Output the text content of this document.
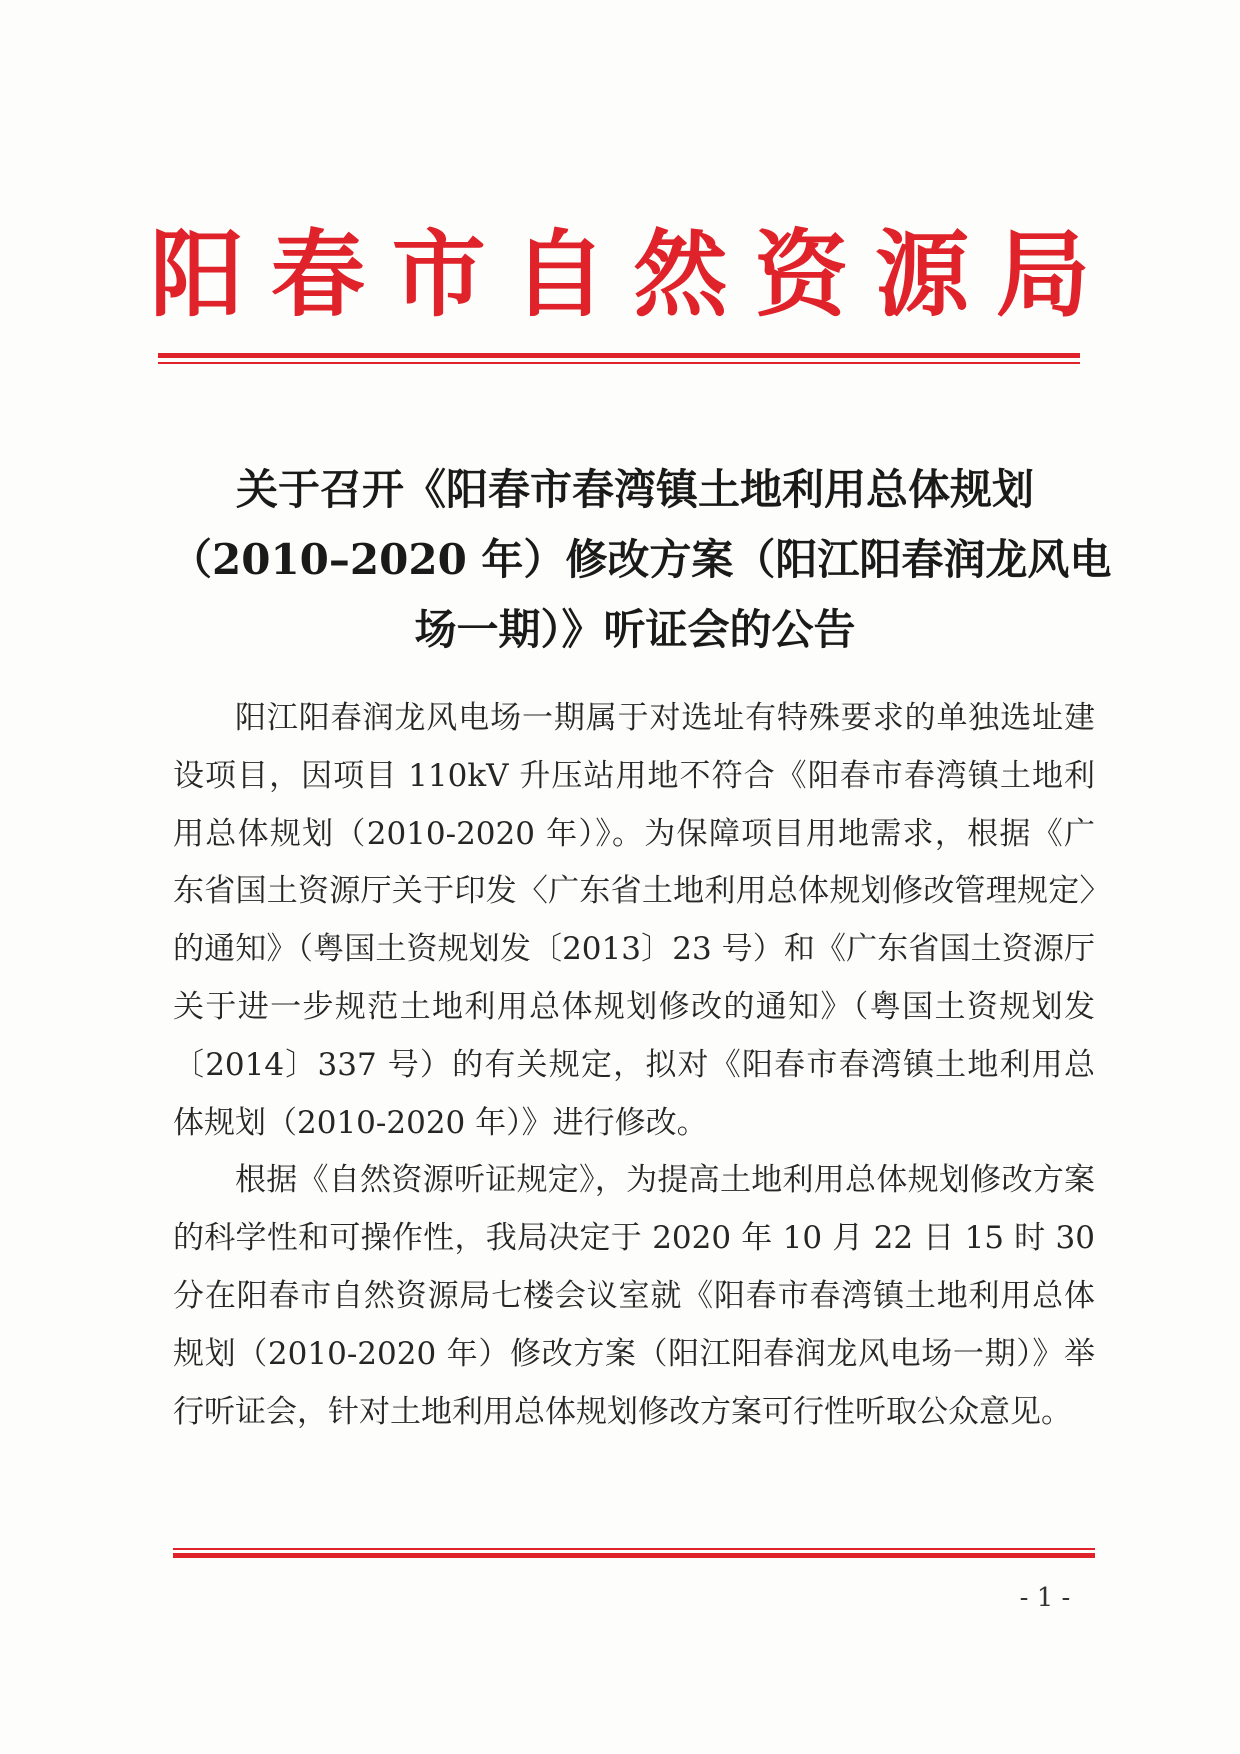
阳 春 市 自 然 资 源 局
关于召开《阳春市春湾镇土地利用总体规划
（2010–2020 年）修改方案（阳江阳春润龙风电
场一期）》听证会的公告

阳江阳春润龙风电场一期属于对选址有特殊要求的单独选址建设项目，因项目 110kV 升压站用地不符合《阳春市春湾镇土地利用总体规划（2010-2020 年）》。为保障项目用地需求，根据《广东省国土资源厅关于印发〈广东省土地利用总体规划修改管理规定〉的通知》（粤国土资规划发〔2013〕23 号）和《广东省国土资源厅关于进一步规范土地利用总体规划修改的通知》（粤国土资规划发〔2014〕337 号）的有关规定，拟对《阳春市春湾镇土地利用总体规划（2010-2020 年）》进行修改。

根据《自然资源听证规定》，为提高土地利用总体规划修改方案的科学性和可操作性，我局决定于 2020 年 10 月 22 日 15 时 30 分在阳春市自然资源局七楼会议室就《阳春市春湾镇土地利用总体规划（2010-2020 年）修改方案（阳江阳春润龙风电场一期）》举行听证会，针对土地利用总体规划修改方案可行性听取公众意见。

- 1 -
